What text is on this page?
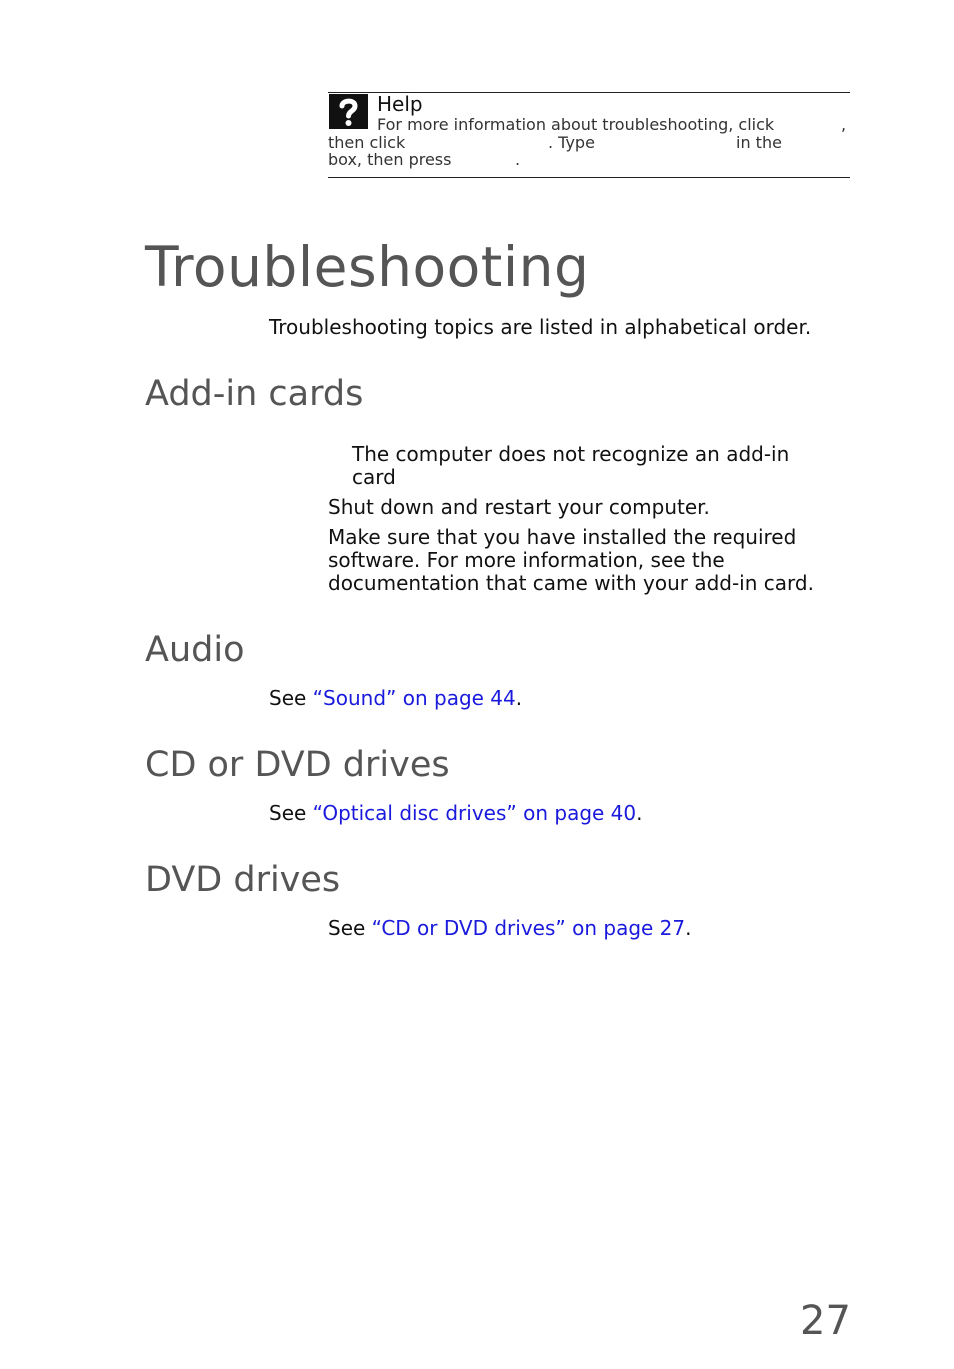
Help
For more information about troubleshooting, click	,
then click	. Type	in the
box, then press	.
Troubleshooting
Troubleshooting topics are listed in alphabetical order.
Add-in cards
The computer does not recognize an add-in
card
Shut down and restart your computer.
Make sure that you have installed the required
software. For more information, see the
documentation that came with your add-in card.
Audio
See “Sound” on page 44.
CD or DVD drives
See “Optical disc drives” on page 40.
DVD drives
See “CD or DVD drives” on page 27.
27
